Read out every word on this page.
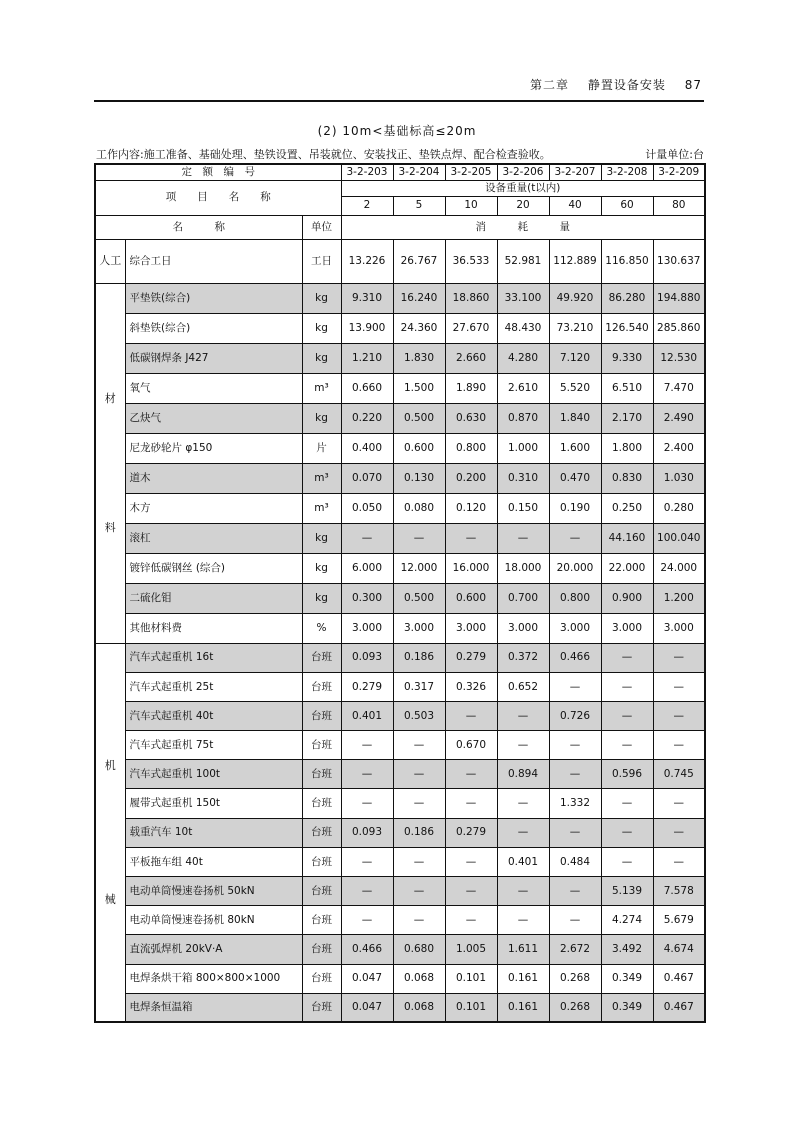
第二章 静置设备安装 87
(2) 10m<基础标高≤20m
工作内容:施工准备、基础处理、垫铁设置、吊装就位、安装找正、垫铁点焊、配合检查验收。	计量单位:台
定　额　编　号			3-2-203	3-2-204	3-2-205	3-2-206	3-2-207	3-2-208	3-2-209
项　　目　　名　　称			设备重量(t以内)						
			2	5	10	20	40	60	80
名　　　称		单位	消　　　耗　　　量						

人工	综合工日	工日	13.226	26.767	36.533	52.981	112.889	116.850	130.637

材
料	平垫铁(综合)	kg	9.310	16.240	18.860	33.100	49.920	86.280	194.880
	斜垫铁(综合)	kg	13.900	24.360	27.670	48.430	73.210	126.540	285.860
	低碳钢焊条 J427	kg	1.210	1.830	2.660	4.280	7.120	9.330	12.530
	氧气	m³	0.660	1.500	1.890	2.610	5.520	6.510	7.470
	乙炔气	kg	0.220	0.500	0.630	0.870	1.840	2.170	2.490
	尼龙砂轮片 φ150	片	0.400	0.600	0.800	1.000	1.600	1.800	2.400
	道木	m³	0.070	0.130	0.200	0.310	0.470	0.830	1.030
	木方	m³	0.050	0.080	0.120	0.150	0.190	0.250	0.280
	滚杠	kg	—	—	—	—	—	44.160	100.040
	镀锌低碳钢丝 (综合)	kg	6.000	12.000	16.000	18.000	20.000	22.000	24.000
	二硫化钼	kg	0.300	0.500	0.600	0.700	0.800	0.900	1.200
	其他材料费	%	3.000	3.000	3.000	3.000	3.000	3.000	3.000

机
械	汽车式起重机 16t	台班	0.093	0.186	0.279	0.372	0.466	—	—
	汽车式起重机 25t	台班	0.279	0.317	0.326	0.652	—	—	—
	汽车式起重机 40t	台班	0.401	0.503	—	—	0.726	—	—
	汽车式起重机 75t	台班	—	—	0.670	—	—	—	—
	汽车式起重机 100t	台班	—	—	—	0.894	—	0.596	0.745
	履带式起重机 150t	台班	—	—	—	—	1.332	—	—
	载重汽车 10t	台班	0.093	0.186	0.279	—	—	—	—
	平板拖车组 40t	台班	—	—	—	0.401	0.484	—	—
	电动单筒慢速卷扬机 50kN	台班	—	—	—	—	—	5.139	7.578
	电动单筒慢速卷扬机 80kN	台班	—	—	—	—	—	4.274	5.679
	直流弧焊机 20kV·A	台班	0.466	0.680	1.005	1.611	2.672	3.492	4.674
	电焊条烘干箱 800×800×1000	台班	0.047	0.068	0.101	0.161	0.268	0.349	0.467
	电焊条恒温箱	台班	0.047	0.068	0.101	0.161	0.268	0.349	0.467
